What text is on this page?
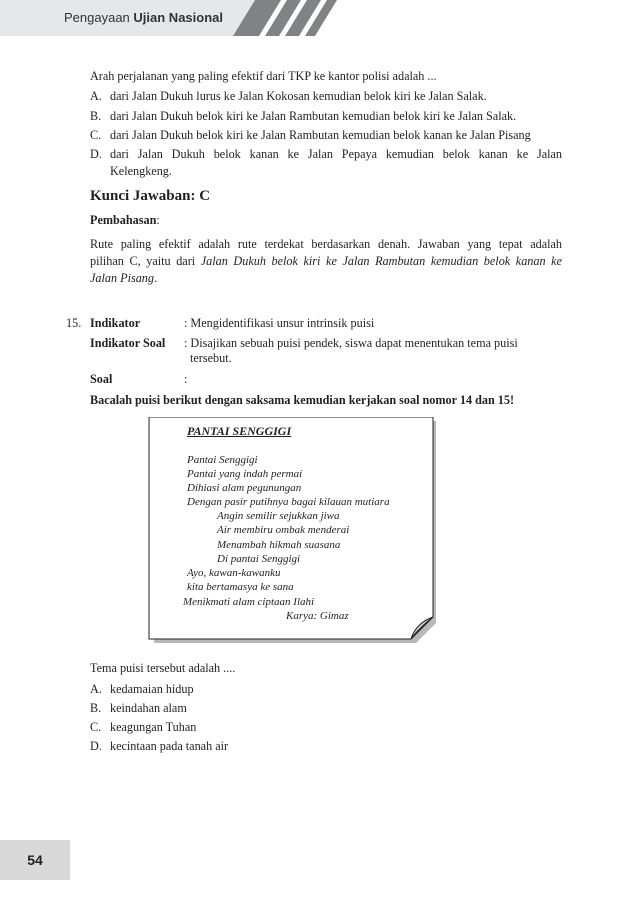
Pengayaan Ujian Nasional
Arah perjalanan yang paling efektif dari TKP ke kantor polisi adalah ...
A. dari Jalan Dukuh lurus ke Jalan Kokosan kemudian belok kiri ke Jalan Salak.
B. dari Jalan Dukuh belok kiri ke Jalan Rambutan kemudian belok kiri ke Jalan Salak.
C. dari Jalan Dukuh belok kiri ke Jalan Rambutan kemudian belok kanan ke Jalan Pisang
D. dari Jalan Dukuh belok kanan ke Jalan Pepaya kemudian belok kanan ke Jalan
Kelengkeng.
Kunci Jawaban: C
Pembahasan:
Rute paling efektif adalah rute terdekat berdasarkan denah. Jawaban yang tepat adalah
pilihan C, yaitu dari Jalan Dukuh belok kiri ke Jalan Rambutan kemudian belok kanan ke
Jalan Pisang.
15. Indikator	: Mengidentifikasi unsur intrinsik puisi
Indikator Soal : Disajikan sebuah puisi pendek, siswa dapat menentukan tema puisi
tersebut.
Soal	:
Bacalah puisi berikut dengan saksama kemudian kerjakan soal nomor 14 dan 15!
PANTAI SENGGIGI
Pantai Senggigi
Pantai yang indah permai
Dihiasi alam pegunungan
Dengan pasir putihnya bagai kilauan mutiara
Angin semilir sejukkan jiwa
Air membiru ombak menderai
Menambah hikmah suasana
Di pantai Senggigi
Ayo, kawan-kawanku
kita bertamasya ke sana
Menikmati alam ciptaan Ilahi
Karya: Gimaz
Tema puisi tersebut adalah ....
A. kedamaian hidup
B. keindahan alam
C. keagungan Tuhan
D. kecintaan pada tanah air
54
